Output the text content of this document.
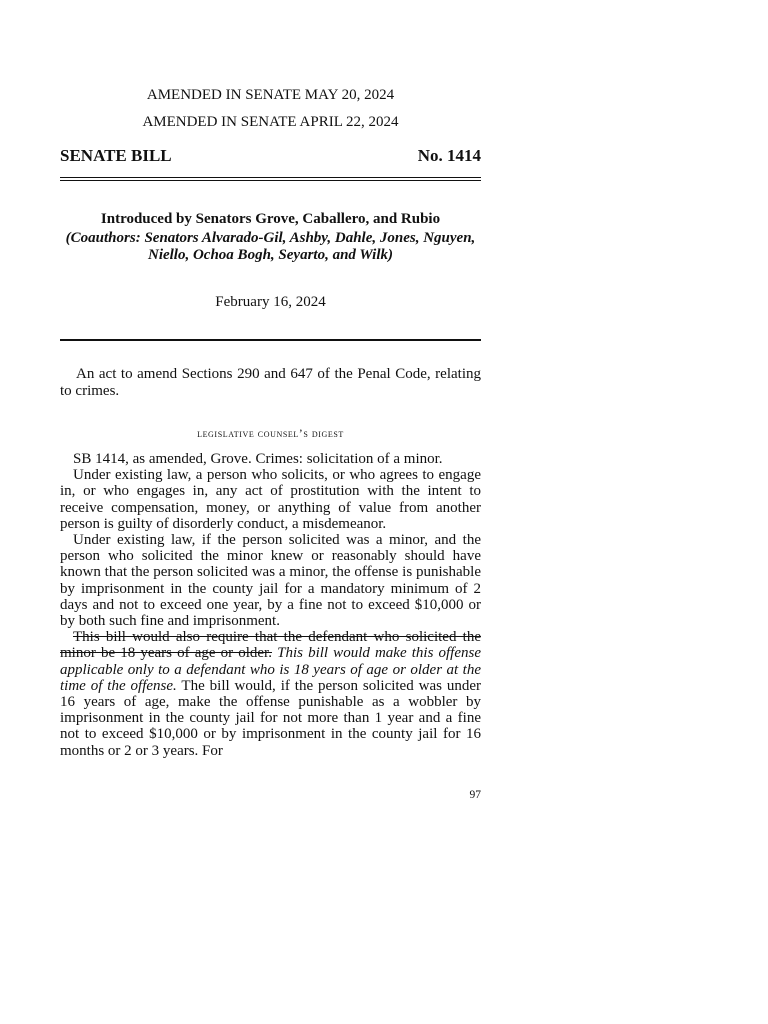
AMENDED IN SENATE MAY 20, 2024
AMENDED IN SENATE APRIL 22, 2024
SENATE BILL	No. 1414
Introduced by Senators Grove, Caballero, and Rubio
(Coauthors: Senators Alvarado-Gil, Ashby, Dahle, Jones, Nguyen, Niello, Ochoa Bogh, Seyarto, and Wilk)
February 16, 2024
An act to amend Sections 290 and 647 of the Penal Code, relating to crimes.
legislative counsel’s digest

SB 1414, as amended, Grove. Crimes: solicitation of a minor.

Under existing law, a person who solicits, or who agrees to engage in, or who engages in, any act of prostitution with the intent to receive compensation, money, or anything of value from another person is guilty of disorderly conduct, a misdemeanor.

Under existing law, if the person solicited was a minor, and the person who solicited the minor knew or reasonably should have known that the person solicited was a minor, the offense is punishable by imprisonment in the county jail for a mandatory minimum of 2 days and not to exceed one year, by a fine not to exceed $10,000 or by both such fine and imprisonment.

This bill would also require that the defendant who solicited the minor be 18 years of age or older. This bill would make this offense applicable only to a defendant who is 18 years of age or older at the time of the offense. The bill would, if the person solicited was under 16 years of age, make the offense punishable as a wobbler by imprisonment in the county jail for not more than 1 year and a fine not to exceed $10,000 or by imprisonment in the county jail for 16 months or 2 or 3 years. For

97
